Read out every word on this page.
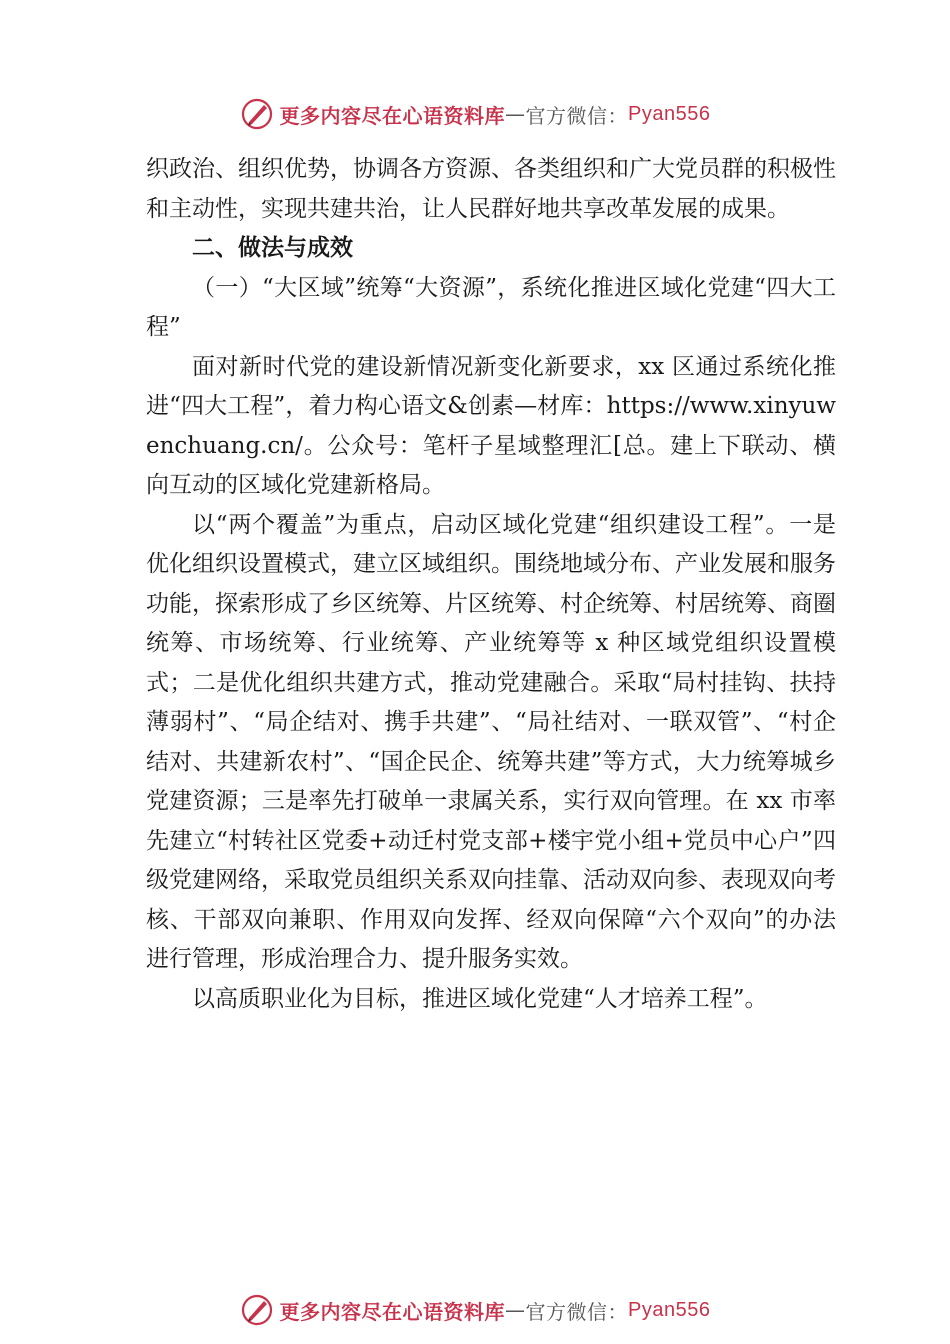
更多内容尽在心语资料库 — 官方微信： Pyan556

织政治、组织优势，协调各方资源、各类组织和广大党员群的积极性和主动性，实现共建共治，让人民群好地共享改革发展的成果。

二、做法与成效

（一）“大区域”统筹“大资源”，系统化推进区域化党建“四大工程”

面对新时代党的建设新情况新变化新要求，xx 区通过系统化推进“四大工程”，着力构心语文&创素—材库：https://www.xinyuwenchuang.cn/。公众号：笔杆子星域整理汇[总。建上下联动、横向互动的区域化党建新格局。

以“两个覆盖”为重点，启动区域化党建“组织建设工程”。一是优化组织设置模式，建立区域组织。围绕地域分布、产业发展和服务功能，探索形成了乡区统筹、片区统筹、村企统筹、村居统筹、商圈统筹、市场统筹、行业统筹、产业统筹等 x 种区域党组织设置模式；二是优化组织共建方式，推动党建融合。采取“局村挂钩、扶持薄弱村”、“局企结对、携手共建”、“局社结对、一联双管”、“村企结对、共建新农村”、“国企民企、统筹共建”等方式，大力统筹城乡党建资源；三是率先打破单一隶属关系，实行双向管理。在 xx 市率先建立“村转社区党委+动迁村党支部+楼宇党小组+党员中心户”四级党建网络，采取党员组织关系双向挂靠、活动双向参、表现双向考核、干部双向兼职、作用双向发挥、经双向保障“六个双向”的办法进行管理，形成治理合力、提升服务实效。

以高质职业化为目标，推进区域化党建“人才培养工程”。

更多内容尽在心语资料库 — 官方微信： Pyan556
